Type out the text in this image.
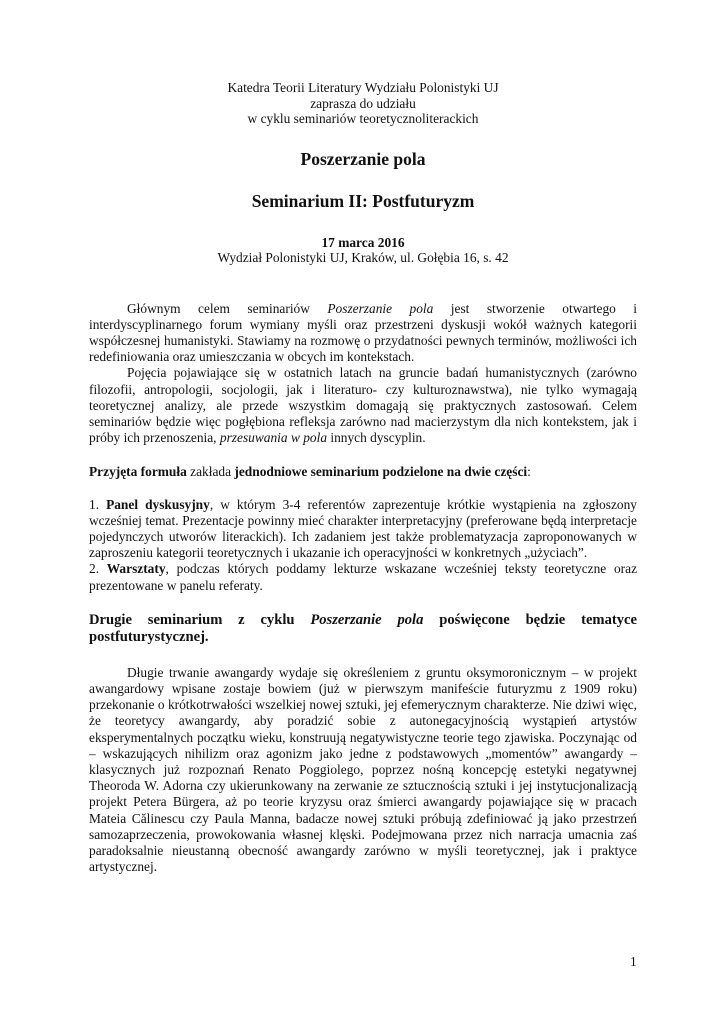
Katedra Teorii Literatury Wydziału Polonistyki UJ
zaprasza do udziału
w cyklu seminariów teoretycznoliterackich
Poszerzanie pola
Seminarium II: Postfuturyzm
17 marca 2016
Wydział Polonistyki UJ, Kraków, ul. Gołębia 16, s. 42

Głównym celem seminariów Poszerzanie pola jest stworzenie otwartego i interdyscyplinarnego forum wymiany myśli oraz przestrzeni dyskusji wokół ważnych kategorii współczesnej humanistyki. Stawiamy na rozmowę o przydatności pewnych terminów, możliwości ich redefiniowania oraz umieszczania w obcych im kontekstach.

Pojęcia pojawiające się w ostatnich latach na gruncie badań humanistycznych (zarówno filozofii, antropologii, socjologii, jak i literaturo- czy kulturoznawstwa), nie tylko wymagają teoretycznej analizy, ale przede wszystkim domagają się praktycznych zastosowań. Celem seminariów będzie więc pogłębiona refleksja zarówno nad macierzystym dla nich kontekstem, jak i próby ich przenoszenia, przesuwania w pola innych dyscyplin.

Przyjęta formuła zakłada jednodniowe seminarium podzielone na dwie części:

1. Panel dyskusyjny, w którym 3-4 referentów zaprezentuje krótkie wystąpienia na zgłoszony wcześniej temat. Prezentacje powinny mieć charakter interpretacyjny (preferowane będą interpretacje pojedynczych utworów literackich). Ich zadaniem jest także problematyzacja zaproponowanych w zaproszeniu kategorii teoretycznych i ukazanie ich operacyjności w konkretnych „użyciach”.

2. Warsztaty, podczas których poddamy lekturze wskazane wcześniej teksty teoretyczne oraz prezentowane w panelu referaty.

Drugie seminarium z cyklu Poszerzanie pola poświęcone będzie tematyce postfuturystycznej.

Długie trwanie awangardy wydaje się określeniem z gruntu oksymoronicznym – w projekt awangardowy wpisane zostaje bowiem (już w pierwszym manifeście futuryzmu z 1909 roku) przekonanie o krótkotrwałości wszelkiej nowej sztuki, jej efemerycznym charakterze. Nie dziwi więc, że teoretycy awangardy, aby poradzić sobie z autonegacyjnością wystąpień artystów eksperymentalnych początku wieku, konstruują negatywistyczne teorie tego zjawiska. Poczynając od – wskazujących nihilizm oraz agonizm jako jedne z podstawowych „momentów” awangardy – klasycznych już rozpoznań Renato Poggiolego, poprzez nośną koncepcję estetyki negatywnej Theoroda W. Adorna czy ukierunkowany na zerwanie ze sztucznością sztuki i jej instytucjonalizacją projekt Petera Bürgera, aż po teorie kryzysu oraz śmierci awangardy pojawiające się w pracach Mateia Călinescu czy Paula Manna, badacze nowej sztuki próbują zdefiniować ją jako przestrzeń samozaprzeczenia, prowokowania własnej klęski. Podejmowana przez nich narracja umacnia zaś paradoksalnie nieustanną obecność awangardy zarówno w myśli teoretycznej, jak i praktyce artystycznej.

1
